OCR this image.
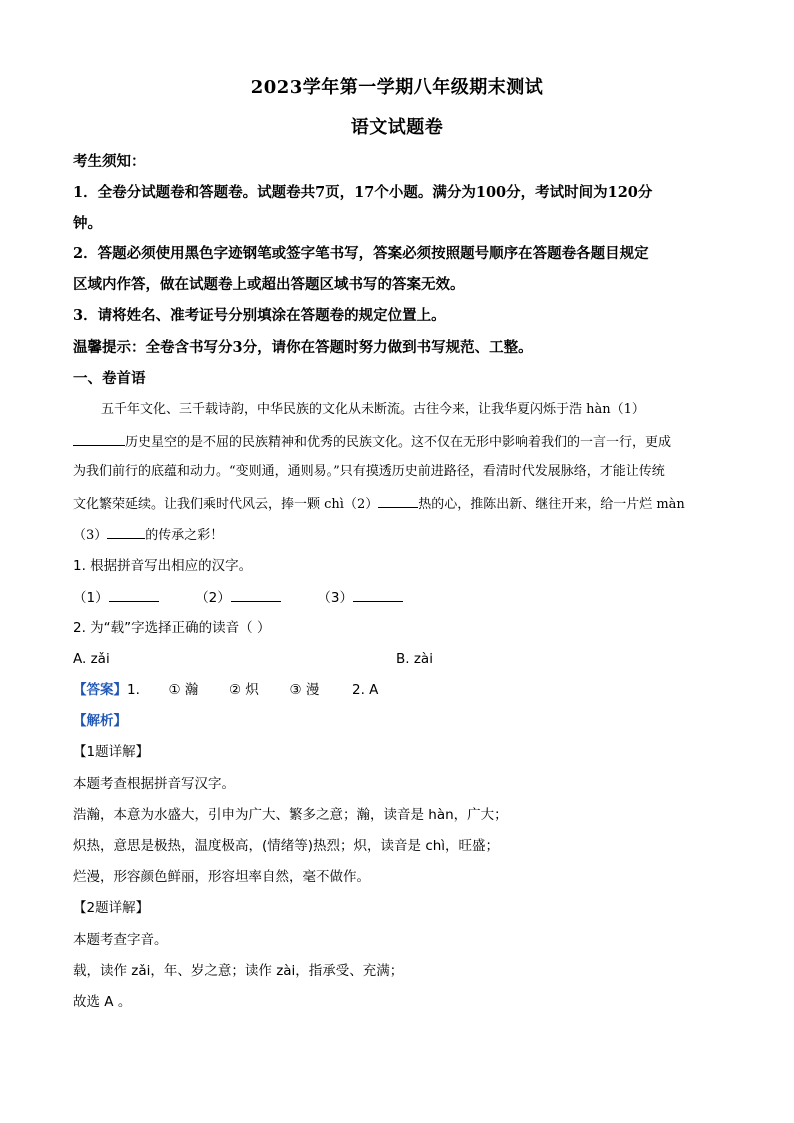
2023学年第一学期八年级期末测试
语文试题卷
考生须知：
1．全卷分试题卷和答题卷。试题卷共7页，17个小题。满分为100分，考试时间为120分
钟。
2．答题必须使用黑色字迹钢笔或签字笔书写，答案必须按照题号顺序在答题卷各题目规定
区域内作答，做在试题卷上或超出答题区域书写的答案无效。
3．请将姓名、准考证号分别填涂在答题卷的规定位置上。
温馨提示：全卷含书写分3分，请你在答题时努力做到书写规范、工整。
一、卷首语
五千年文化、三千载诗韵，中华民族的文化从未断流。古往今来，让我华夏闪烁于浩 hàn（1）
历史星空的是不屈的民族精神和优秀的民族文化。这不仅在无形中影响着我们的一言一行，更成
为我们前行的底蕴和动力。“变则通，通则易。”只有摸透历史前进路径，看清时代发展脉络，才能让传统
文化繁荣延续。让我们乘时代风云，捧一颗 chì（2）	热的心，推陈出新、继往开来，给一片烂 màn
（3）	的传承之彩！
1. 根据拼音写出相应的汉字。
（1）	（2）	（3）
2. 为“载”字选择正确的读音（ ）
A. zǎi	B. zài
【答案】1. ① 瀚 ② 炽 ③ 漫 2. A
【解析】
【1题详解】
本题考查根据拼音写汉字。
浩瀚，本意为水盛大，引申为广大、繁多之意；瀚，读音是 hàn，广大；
炽热，意思是极热，温度极高，(情绪等)热烈；炽，读音是 chì，旺盛；
烂漫，形容颜色鲜丽，形容坦率自然，毫不做作。
【2题详解】
本题考查字音。
载，读作 zǎi，年、岁之意；读作 zài，指承受、充满；
故选 A 。
